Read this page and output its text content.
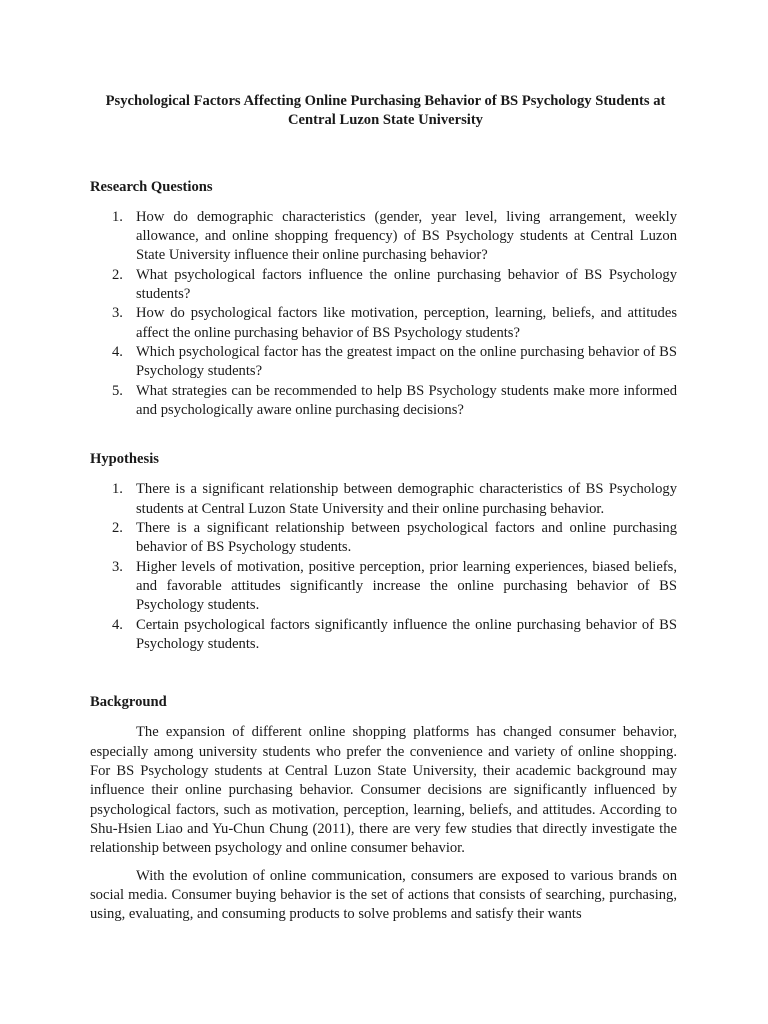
Psychological Factors Affecting Online Purchasing Behavior of BS Psychology Students at Central Luzon State University
Research Questions
1. How do demographic characteristics (gender, year level, living arrangement, weekly allowance, and online shopping frequency) of BS Psychology students at Central Luzon State University influence their online purchasing behavior?
2. What psychological factors influence the online purchasing behavior of BS Psychology students?
3. How do psychological factors like motivation, perception, learning, beliefs, and attitudes affect the online purchasing behavior of BS Psychology students?
4. Which psychological factor has the greatest impact on the online purchasing behavior of BS Psychology students?
5. What strategies can be recommended to help BS Psychology students make more informed and psychologically aware online purchasing decisions?
Hypothesis
1. There is a significant relationship between demographic characteristics of BS Psychology students at Central Luzon State University and their online purchasing behavior.
2. There is a significant relationship between psychological factors and online purchasing behavior of BS Psychology students.
3. Higher levels of motivation, positive perception, prior learning experiences, biased beliefs, and favorable attitudes significantly increase the online purchasing behavior of BS Psychology students.
4. Certain psychological factors significantly influence the online purchasing behavior of BS Psychology students.
Background

The expansion of different online shopping platforms has changed consumer behavior, especially among university students who prefer the convenience and variety of online shopping. For BS Psychology students at Central Luzon State University, their academic background may influence their online purchasing behavior. Consumer decisions are significantly influenced by psychological factors, such as motivation, perception, learning, beliefs, and attitudes. According to Shu-Hsien Liao and Yu-Chun Chung (2011), there are very few studies that directly investigate the relationship between psychology and online consumer behavior.

With the evolution of online communication, consumers are exposed to various brands on social media. Consumer buying behavior is the set of actions that consists of searching, purchasing, using, evaluating, and consuming products to solve problems and satisfy their wants
